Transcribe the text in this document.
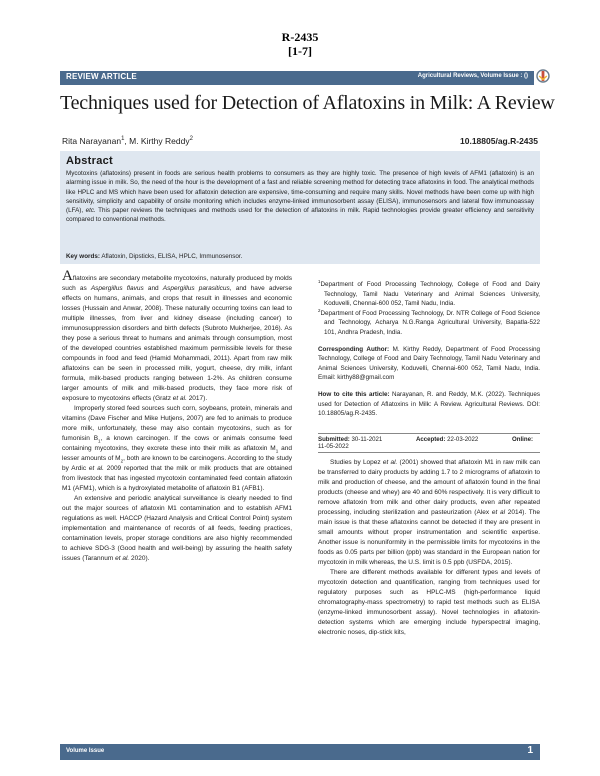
R-2435
[1-7]
REVIEW ARTICLE	Agricultural Reviews, Volume Issue : ()
Techniques used for Detection of Aflatoxins in Milk: A Review
Rita Narayanan$^1$, M. Kirthy Reddy$^2$	10.18805/ag.R-2435
Abstract
Mycotoxins (aflatoxins) present in foods are serious health problems to consumers as they are highly toxic. The presence of high levels of AFM1 (aflatoxin) is an alarming issue in milk. So, the need of the hour is the development of a fast and reliable screening method for detecting trace aflatoxins in food. The analytical methods like HPLC and MS which have been used for aflatoxin detection are expensive, time-consuming and require many skills. Novel methods have been come up with high sensitivity, simplicity and capability of onsite monitoring which includes enzyme-linked immunosorbent assay (ELISA), immunosensors and lateral flow immunoassay (LFA), etc. This paper reviews the techniques and methods used for the detection of aflatoxins in milk. Rapid technologies provide greater efficiency and sensitivity compared to conventional methods.
Key words: Aflatoxin, Dipsticks, ELISA, HPLC, Immunosensor.

Aflatoxins are secondary metabolite mycotoxins, naturally produced by molds such as Aspergillus flavus and Aspergillus parasiticus, and have adverse effects on humans, animals, and crops that result in illnesses and economic losses (Hussain and Anwar, 2008). These naturally occurring toxins can lead to multiple illnesses, from liver and kidney disease (including cancer) to immunosuppression disorders and birth defects (Subroto Mukherjee, 2016). As they pose a serious threat to humans and animals through consumption, most of the developed countries established maximum permissible levels for these compounds in food and feed (Hamid Mohammadi, 2011). Apart from raw milk aflatoxins can be seen in processed milk, yogurt, cheese, dry milk, infant formula, milk-based products ranging between 1-2%. As children consume larger amounts of milk and milk-based products, they face more risk of exposure to mycotoxins effects (Gratz et al. 2017).

Improperly stored feed sources such corn, soybeans, protein, minerals and vitamins (Dave Fischer and Mike Hutjens, 2007) are fed to animals to produce more milk, unfortunately, these may also contain mycotoxins, such as for fumonisin $B_1$, a known carcinogen. If the cows or animals consume feed containing mycotoxins, they excrete these into their milk as aflatoxin $M_1$ and lesser amounts of $M_2$, both are known to be carcinogens. According to the study by Ardic et al. 2009 reported that the milk or milk products that are obtained from livestock that has ingested mycotoxin contaminated feed contain aflatoxin M1 (AFM1), which is a hydroxylated metabolite of aflatoxin B1 (AFB1).

An extensive and periodic analytical surveillance is clearly needed to find out the major sources of aflatoxin M1 contamination and to establish AFM1 regulations as well. HACCP (Hazard Analysis and Critical Control Point) system implementation and maintenance of records of all feeds, feeding practices, contamination levels, proper storage conditions are also highly recommended to achieve SDG-3 (Good health and well-being) by assuring the health safety issues (Tarannum et al. 2020).

$^1$Department of Food Processing Technology, College of Food and Dairy Technology, Tamil Nadu Veterinary and Animal Sciences University, Koduvelli, Chennai-600 052, Tamil Nadu, India.

$^2$Department of Food Processing Technology, Dr. NTR College of Food Science and Technology, Acharya N.G.Ranga Agricultural University, Bapatla-522 101, Andhra Pradesh, India.

Corresponding Author: M. Kirthy Reddy, Department of Food Processing Technology, College of Food and Dairy Technology, Tamil Nadu Veterinary and Animal Sciences University, Koduvelli, Chennai-600 052, Tamil Nadu, India. Email: kirthy88@gmail.com

How to cite this article: Narayanan, R. and Reddy, M.K. (2022). Techniques used for Detection of Aflatoxins in Milk: A Review. Agricultural Reviews. DOI: 10.18805/ag.R-2435.

Submitted: 30-11-2021	Accepted: 22-03-2022	Online: 11-05-2022

Studies by Lopez et al. (2001) showed that aflatoxin M1 in raw milk can be transferred to dairy products by adding 1.7 to 2 micrograms of aflatoxin to milk and production of cheese, and the amount of aflatoxin found in the final products (cheese and whey) are 40 and 60% respectively. It is very difficult to remove aflatoxin from milk and other dairy products, even after repeated processing, including sterilization and pasteurization (Alex et al 2014). The main issue is that these aflatoxins cannot be detected if they are present in small amounts without proper instrumentation and scientific expertise. Another issue is nonuniformity in the permissible limits for mycotoxins in the foods as 0.05 parts per billion (ppb) was standard in the European nation for mycotoxin in milk whereas, the U.S. limit is 0.5 ppb (USFDA, 2015).

There are different methods available for different types and levels of mycotoxin detection and quantification, ranging from techniques used for regulatory purposes such as HPLC-MS (high-performance liquid chromatography-mass spectrometry) to rapid test methods such as ELISA (enzyme-linked immunosorbent assay). Novel technologies in aflatoxin-detection systems which are emerging include hyperspectral imaging, electronic noses, dip-stick kits,

Volume Issue	1
